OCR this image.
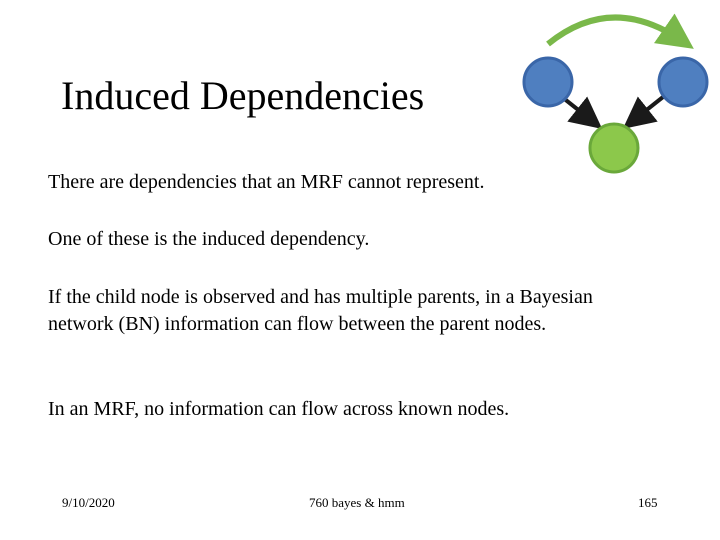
Induced Dependencies

There are dependencies that an MRF cannot represent.

One of these is the induced dependency.

If the child node is observed and has multiple parents, in a Bayesian network (BN) information can flow between the parent nodes.

In an MRF, no information can flow across known nodes.

9/10/2020	760 bayes & hmm	165
